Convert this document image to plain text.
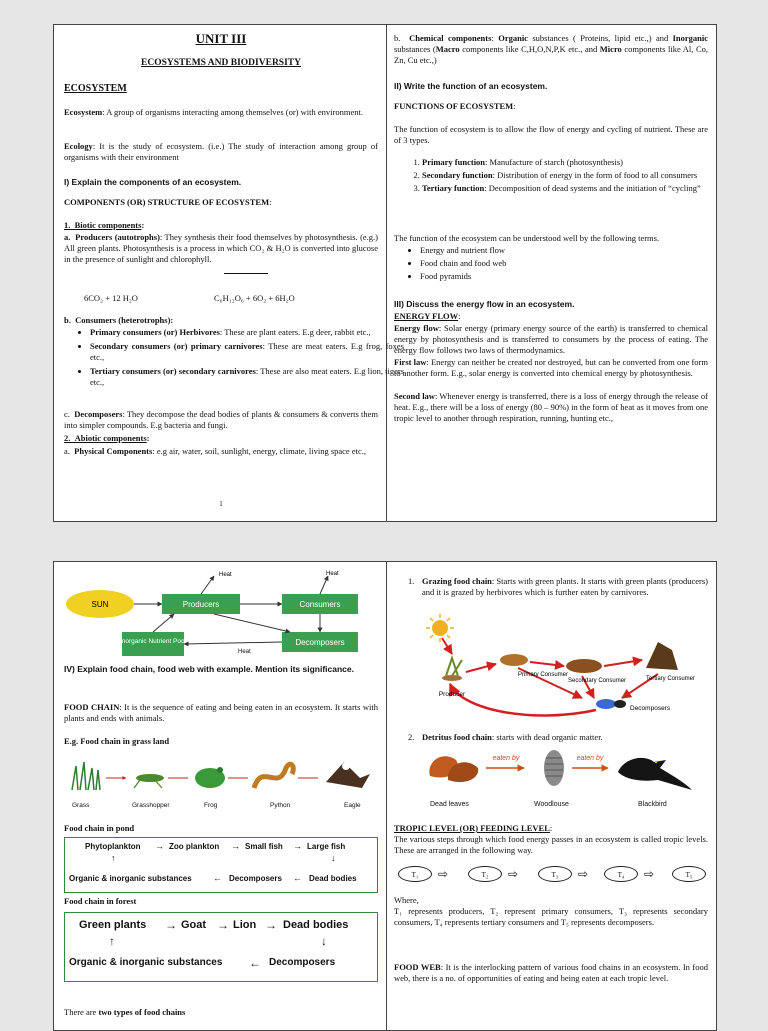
UNIT III
ECOSYSTEMS AND BIODIVERSITY
ECOSYSTEM

Ecosystem: A group of organisms interacting among themselves (or) with environment.

Ecology: It is the study of ecosystem. (i.e.) The study of interaction among group of organisms with their environment

I) Explain the components of an ecosystem.

COMPONENTS (OR) STRUCTURE OF ECOSYSTEM:

1.  Biotic components:

a.  Producers (autotrophs): They synthesis their food themselves by photosynthesis. (e.g.) All green plants. Photosynthesis is a process in which CO₂ & H₂O is converted into glucose in the presence of sunlight and chlorophyll.

6CO₂ + 12 H₂O	C₆H₁₂O₆ + 6O₂ + 6H₂O

b.  Consumers (heterotrophs):

• Primary consumers (or) Herbivores: These are plant eaters. E.g deer, rabbit etc.,
• Secondary consumers (or) primary carnivores: These are meat eaters. E.g frog, foxes etc.,
• Tertiary consumers (or) secondary carnivores: These are also meat eaters. E.g lion, tigers etc.,

c.  Decomposers: They decompose the dead bodies of plants & consumers & converts them into simpler compounds. E.g bacteria and fungi.

2.  Abiotic components:

a.  Physical Components: e.g air, water, soil, sunlight, energy, climate, living space etc.,

1

b.  Chemical components: Organic substances ( Proteins, lipid etc.,) and Inorganic substances (Macro components like C,H,O,N,P,K etc., and Micro components like Al, Co, Zn, Cu etc.,)

II) Write the function of an ecosystem.

FUNCTIONS OF ECOSYSTEM:

The function of ecosystem is to allow the flow of energy and cycling of nutrient. These are of 3 types.

1. Primary function: Manufacture of starch (photosynthesis)
2. Secondary function: Distribution of energy in the form of food to all consumers
3. Tertiary function: Decomposition of dead systems and the initiation of “cycling”

The function of the ecosystem can be understood well by the following terms.

• Energy and nutrient flow
• Food chain and food web
• Food pyramids

III) Discuss the energy flow in an ecosystem.

ENERGY FLOW:

Energy flow: Solar energy (primary energy source of the earth) is transferred to chemical energy by photosynthesis and is transferred to consumers by the process of eating. The energy flow follows two laws of thermodynamics.

First law: Energy can neither be created nor destroyed, but can be converted from one form to another form. E.g., solar energy is converted into chemical energy by photosynthesis.

Second law: Whenever energy is transferred, there is a loss of energy through the release of heat. E.g., there will be a loss of energy (80 – 90%) in the form of heat as it moves from one tropic level to another through respiration, running, hunting etc.,

SUN	Producers	Consumers
Inorganic Nutrient Pool	Decomposers
Heat	Heat
Heat

IV) Explain food chain, food web with example. Mention its significance.

FOOD CHAIN: It is the sequence of eating and being eaten in an ecosystem. It starts with plants and ends with animals.

E.g. Food chain in grass land

Grass	Grasshopper	Frog	Python	Eagle

Food chain in pond

Phytoplankton → Zoo plankton → Small fish → Large fish
↑	↓
Organic & inorganic substances ← Decomposers ← Dead bodies

Food chain in forest

Green plants → Goat → Lion → Dead bodies
↑	↓
Organic & inorganic substances ← Decomposers

There are two types of food chains

1. Grazing food chain: Starts with green plants. It starts with green plants (producers) and it is grazed by herbivores which is further eaten by carnivores.

Producer
Primary Consumer
Secondary Consumer	Tertiary Consumer
Decomposers
2. Detritus food chain: starts with dead organic matter.

eaten by	eaten by
Dead leaves	Woodlouse	Blackbird

TROPIC LEVEL (OR) FEEDING LEVEL:

The various steps through which food energy passes in an ecosystem is called tropic levels. These are arranged in the following way.

T₁	⇨	T₂	⇨	T₃	⇨	T₄	⇨	T₅

Where,

T₁ represents producers, T₂ represent primary consumers, T₃ represents secondary consumers, T₄ represents tertiary consumers and T₅ represents decomposers.

FOOD WEB: It is the interlocking pattern of various food chains in an ecosystem. In food web, there is a no. of opportunities of eating and being eaten at each tropic level.
